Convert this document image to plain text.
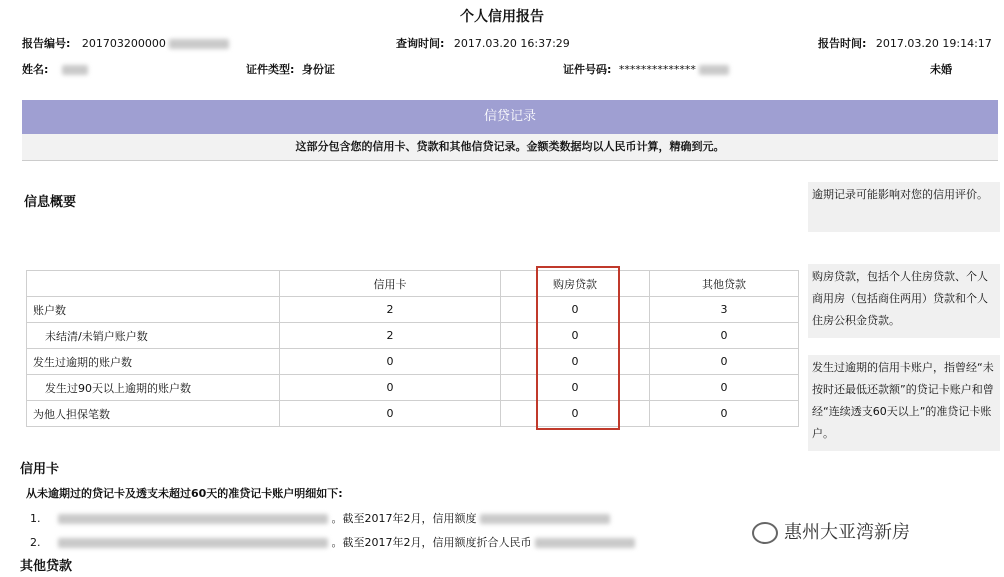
个人信用报告
报告编号: 201703200000	查询时间: 2017.03.20 16:37:29	报告时间: 2017.03.20 19:14:17
姓名:	证件类型: 身份证	证件号码: **************	未婚
信贷记录
这部分包含您的信用卡、贷款和其他信贷记录。金额类数据均以人民币计算，精确到元。
信息概要
	信用卡	购房贷款	其他贷款
账户数	2	0	3
未结清/未销户账户数	2	0	0
发生过逾期的账户数	0	0	0
发生过90天以上逾期的账户数	0	0	0
为他人担保笔数	0	0	0
逾期记录可能影响对您的信用评价。
购房贷款，包括个人住房贷款、个人商用房（包括商住两用）贷款和个人住房公积金贷款。
发生过逾期的信用卡账户，指曾经“未按时还最低还款额”的贷记卡账户和曾经“连续透支60天以上”的准贷记卡账户。
信用卡
从未逾期过的贷记卡及透支未超过60天的准贷记卡账户明细如下:
1.	。截至2017年2月，信用额度
2.	。截至2017年2月，信用额度折合人民币
其他贷款
惠州大亚湾新房
